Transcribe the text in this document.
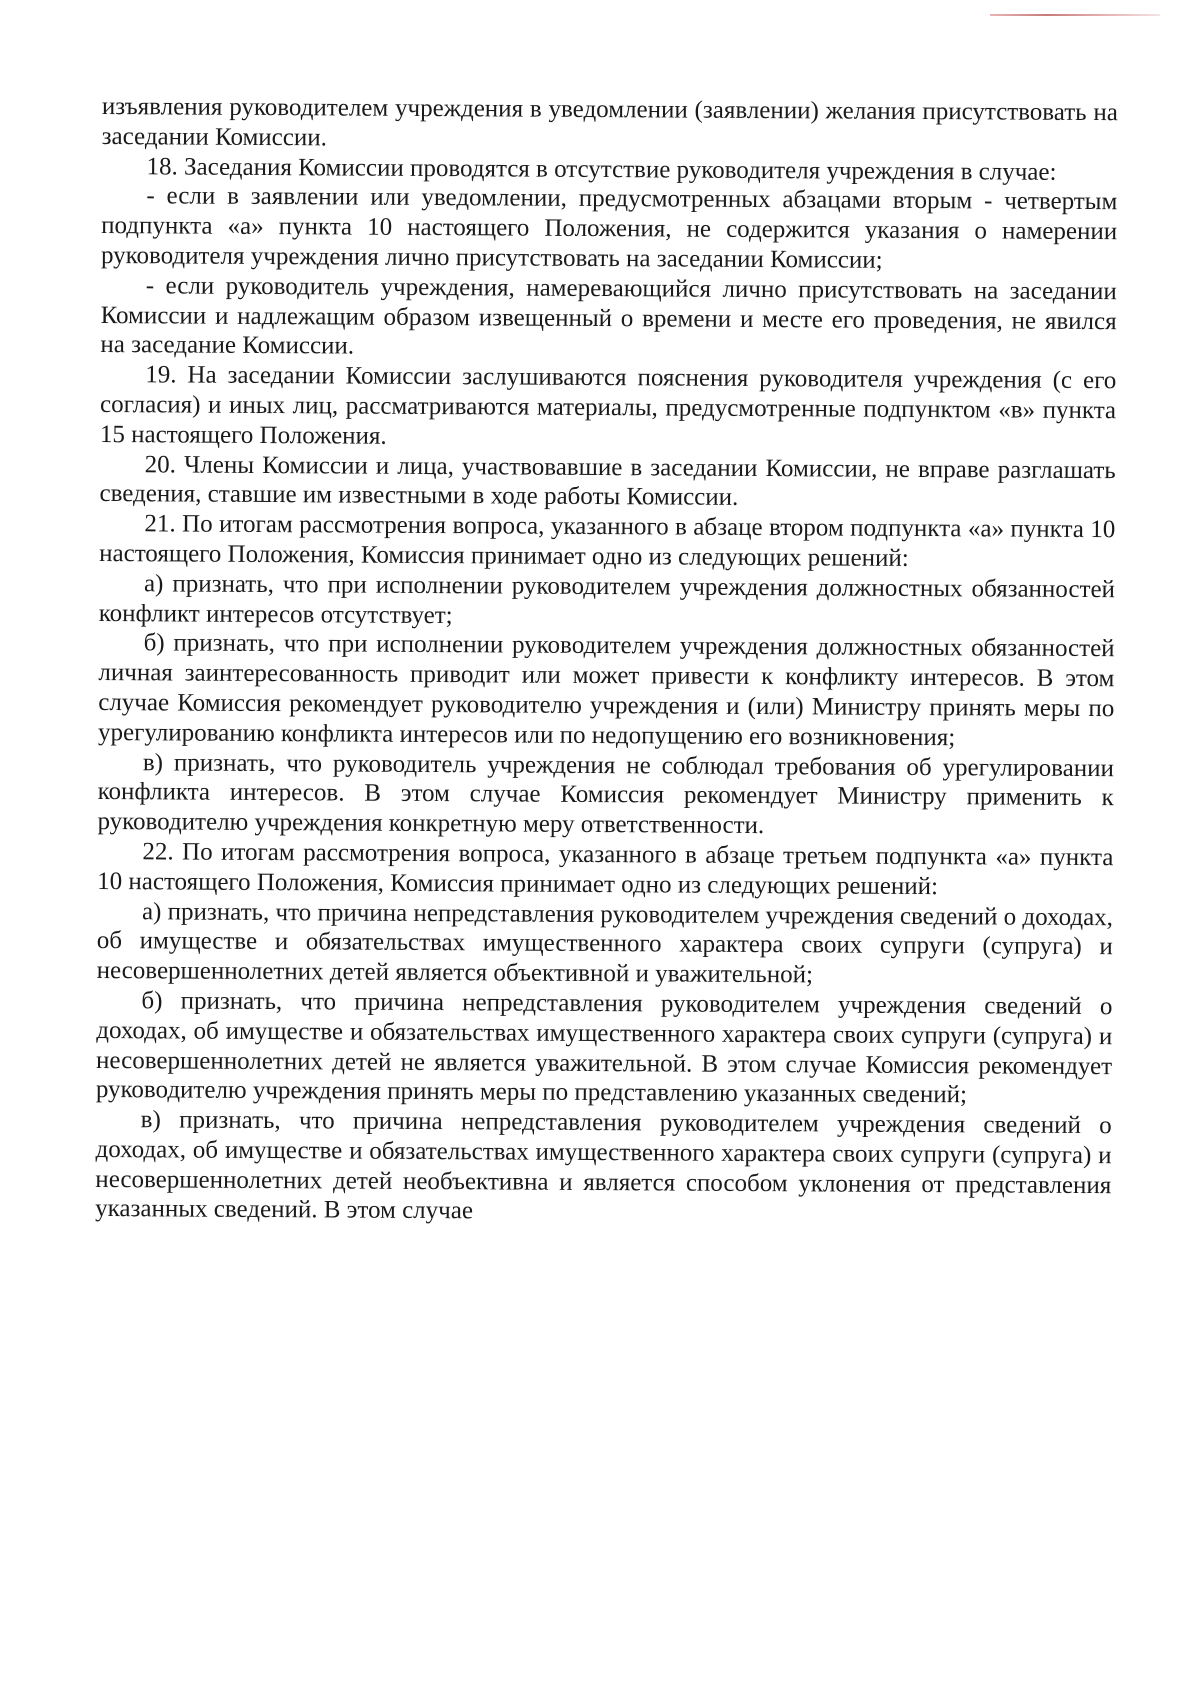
изъявления руководителем учреждения в уведомлении (заявлении) желания присутствовать на заседании Комиссии.

18. Заседания Комиссии проводятся в отсутствие руководителя учреждения в случае:

- если в заявлении или уведомлении, предусмотренных абзацами вторым - четвертым подпункта «а» пункта 10 настоящего Положения, не содержится указания о намерении руководителя учреждения лично присутствовать на заседании Комиссии;

- если руководитель учреждения, намеревающийся лично присутствовать на заседании Комиссии и надлежащим образом извещенный о времени и месте его проведения, не явился на заседание Комиссии.

19. На заседании Комиссии заслушиваются пояснения руководителя учреждения (с его согласия) и иных лиц, рассматриваются материалы, предусмотренные подпунктом «в» пункта 15 настоящего Положения.

20. Члены Комиссии и лица, участвовавшие в заседании Комиссии, не вправе разглашать сведения, ставшие им известными в ходе работы Комиссии.

21. По итогам рассмотрения вопроса, указанного в абзаце втором подпункта «а» пункта 10 настоящего Положения, Комиссия принимает одно из следующих решений:

а) признать, что при исполнении руководителем учреждения должностных обязанностей конфликт интересов отсутствует;

б) признать, что при исполнении руководителем учреждения должностных обязанностей личная заинтересованность приводит или может привести к конфликту интересов. В этом случае Комиссия рекомендует руководителю учреждения и (или) Министру принять меры по урегулированию конфликта интересов или по недопущению его возникновения;

в) признать, что руководитель учреждения не соблюдал требования об урегулировании конфликта интересов. В этом случае Комиссия рекомендует Министру применить к руководителю учреждения конкретную меру ответственности.

22. По итогам рассмотрения вопроса, указанного в абзаце третьем подпункта «а» пункта 10 настоящего Положения, Комиссия принимает одно из следующих решений:

а) признать, что причина непредставления руководителем учреждения сведений о доходах, об имуществе и обязательствах имущественного характера своих супруги (супруга) и несовершеннолетних детей является объективной и уважительной;

б) признать, что причина непредставления руководителем учреждения сведений о доходах, об имуществе и обязательствах имущественного характера своих супруги (супруга) и несовершеннолетних детей не является уважительной. В этом случае Комиссия рекомендует руководителю учреждения принять меры по представлению указанных сведений;

в) признать, что причина непредставления руководителем учреждения сведений о доходах, об имуществе и обязательствах имущественного характера своих супруги (супруга) и несовершеннолетних детей необъективна и является способом уклонения от представления указанных сведений. В этом случае
